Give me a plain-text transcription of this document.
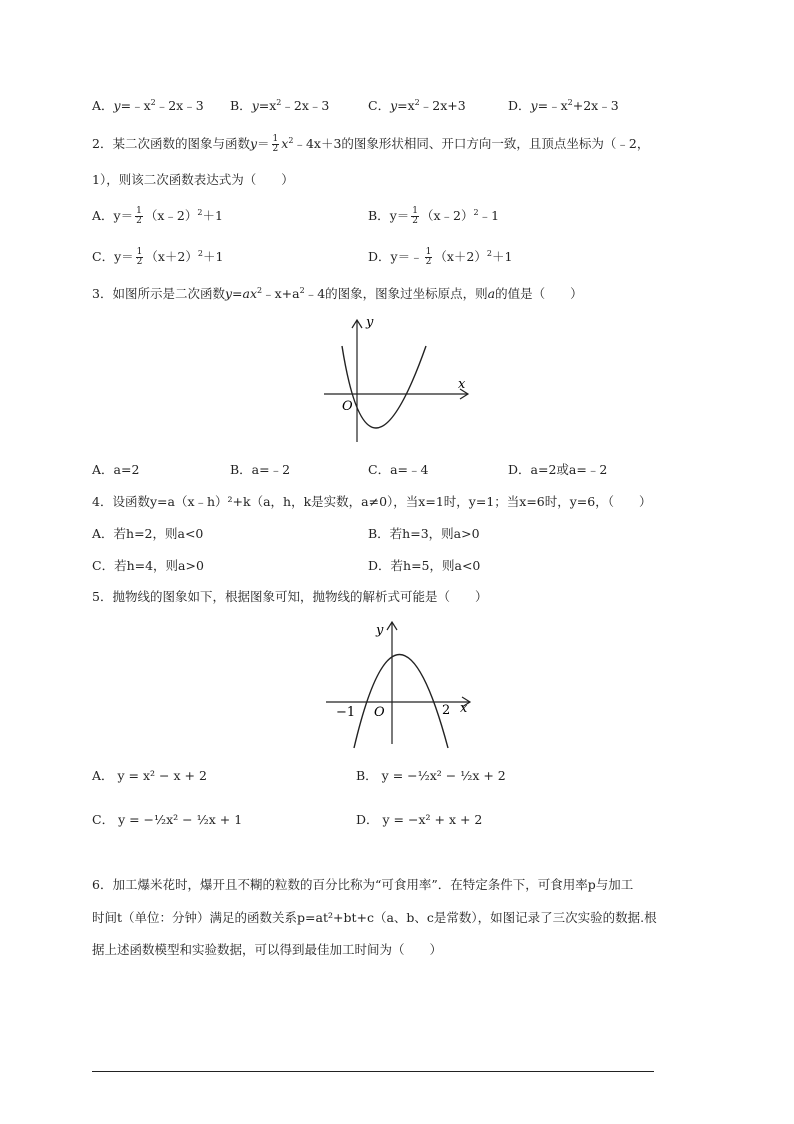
A．$y=﹣x^2﹣2x﹣3$ B．$y=x^2﹣2x﹣3$	C．$y=x^2﹣2x+3$	D．$y=﹣x^2+2x﹣3$
2．某二次函数的图象与函数$y= \frac{1}{2}$ $x^2﹣4x+3$的图象形状相同、开口方向一致，且顶点坐标为（﹣2，
1），则该二次函数表达式为（　　）
A．$y= \frac{1}{2}$ （x﹣2）$^2$＋1	B．$y= \frac{1}{2}$ （x﹣2）$^2$﹣1
C．$y= \frac{1}{2} (x+2)^2+1$	D．y＝﹣ $\frac{1}{2} (x+2)^2+1$
3．如图所示是二次函数$y=ax^2﹣x+a^2﹣4$的图象，图象过坐标原点，则a的值是（　　）
y
x
O
A．a=2	B．a=﹣2	C．a=﹣4	D．a=2或a=﹣2
4．设函数y=a（x﹣h）²+k（a，h，k是实数，a≠0），当x=1时，y=1；当x=6时，y=6，（　　）
A．若h=2，则a<0	B．若h=3，则a>0
C．若h=4，则a>0	D．若h=5，则a<0
5．抛物线的图象如下，根据图象可知，抛物线的解析式可能是（　　）
y
x
O
−1	2
A． y = x² − x + 2	B． y = −½x² − ½x + 2
C． y = −½x² − ½x + 1	D． y = −x² + x + 2
6．加工爆米花时，爆开且不糊的粒数的百分比称为“可食用率”．在特定条件下，可食用率p与加工
时间t（单位：分钟）满足的函数关系p=at²+bt+c（a、b、c是常数），如图记录了三次实验的数据.根
据上述函数模型和实验数据，可以得到最佳加工时间为（　　）
